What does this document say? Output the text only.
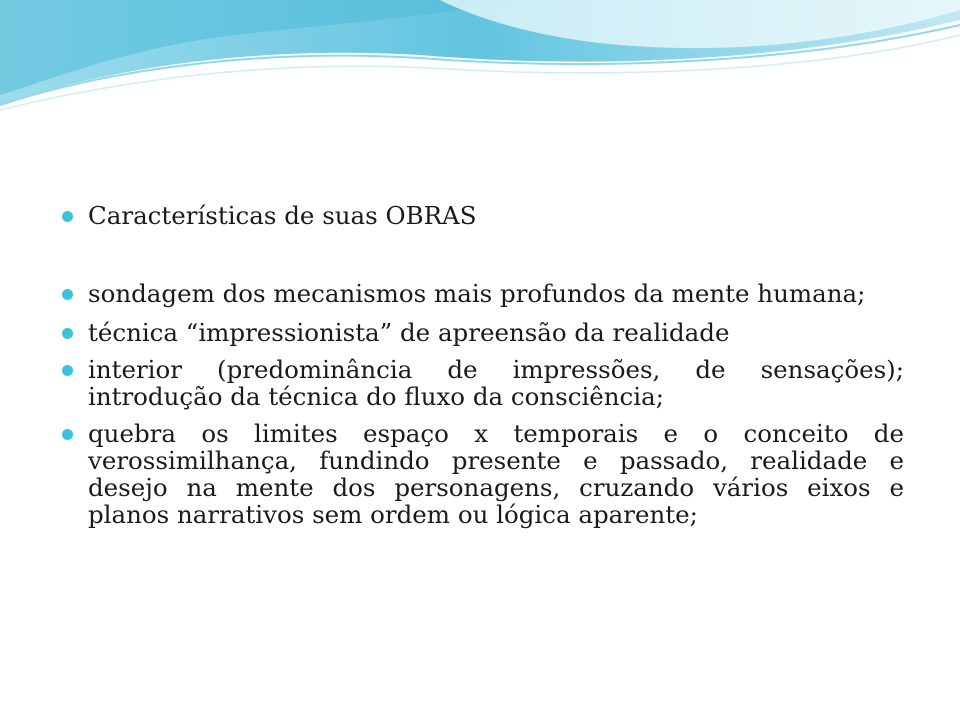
Características de suas OBRAS
sondagem dos mecanismos mais profundos da mente humana;
técnica “impressionista” de apreensão da realidade
interior (predominância de impressões, de sensações); introdução da técnica do fluxo da consciência;
quebra os limites espaço x temporais e o conceito de verossimilhança, fundindo presente e passado, realidade e desejo na mente dos personagens, cruzando vários eixos e planos narrativos sem ordem ou lógica aparente;
